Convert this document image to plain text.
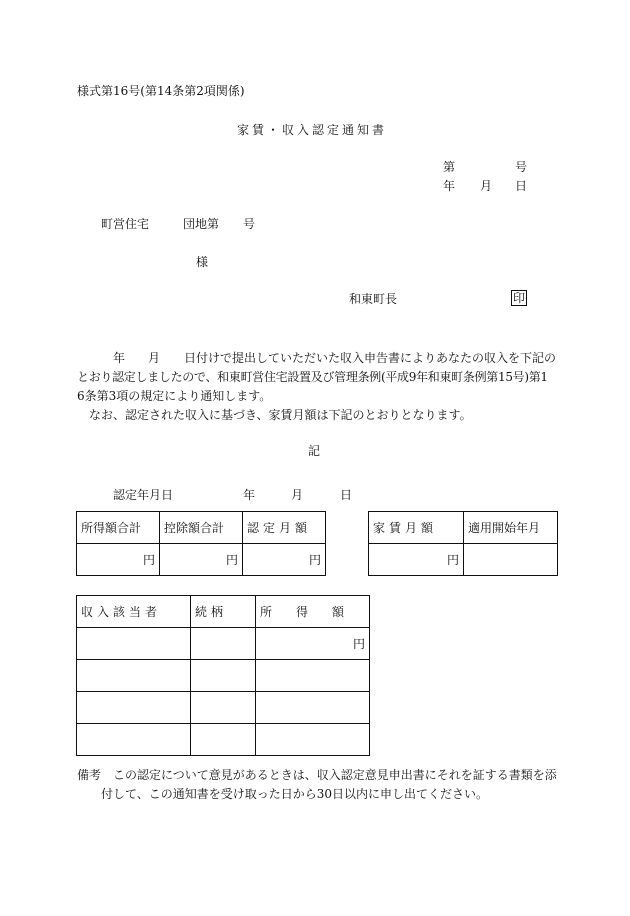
様式第16号(第14条第2項関係)
家賃・収入認定通知書
第	号
年 月 日
町営住宅	団地第 号
様
和東町長	印
年 月 日付けで提出していただいた収入申告書によりあなたの収入を下記の
とおり認定しましたので、和東町営住宅設置及び管理条例(平成9年和東町条例第15号)第1
6条第3項の規定により通知します。
なお、認定された収入に基づき、家賃月額は下記のとおりとなります。
記
認定年月日	年	月	日
所得額合計	控除額合計	認定月額
円	円	円
家賃月額	適用開始年月
円	
収入該当者	続柄	所得額
		円

備考 この認定について意見があるときは、収入認定意見申出書にそれを証する書類を添
付して、この通知書を受け取った日から30日以内に申し出てください。
